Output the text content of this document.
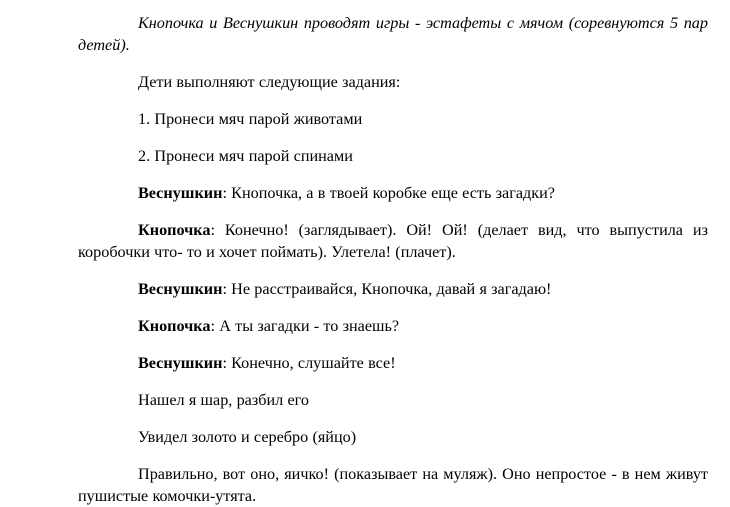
Кнопочка и Веснушкин проводят игры - эстафеты с мячом (соревнуются 5 пар детей).

Дети выполняют следующие задания:

1. Пронеси мяч парой животами

2. Пронеси мяч парой спинами

Веснушкин: Кнопочка, а в твоей коробке еще есть загадки?

Кнопочка: Конечно! (заглядывает). Ой! Ой! (делает вид, что выпустила из коробочки что- то и хочет поймать). Улетела! (плачет).

Веснушкин: Не расстраивайся, Кнопочка, давай я загадаю!

Кнопочка: А ты загадки - то знаешь?

Веснушкин: Конечно, слушайте все!

Нашел я шар, разбил его

Увидел золото и серебро (яйцо)

Правильно, вот оно, яичко! (показывает на муляж). Оно непростое - в нем живут пушистые комочки-утята.
